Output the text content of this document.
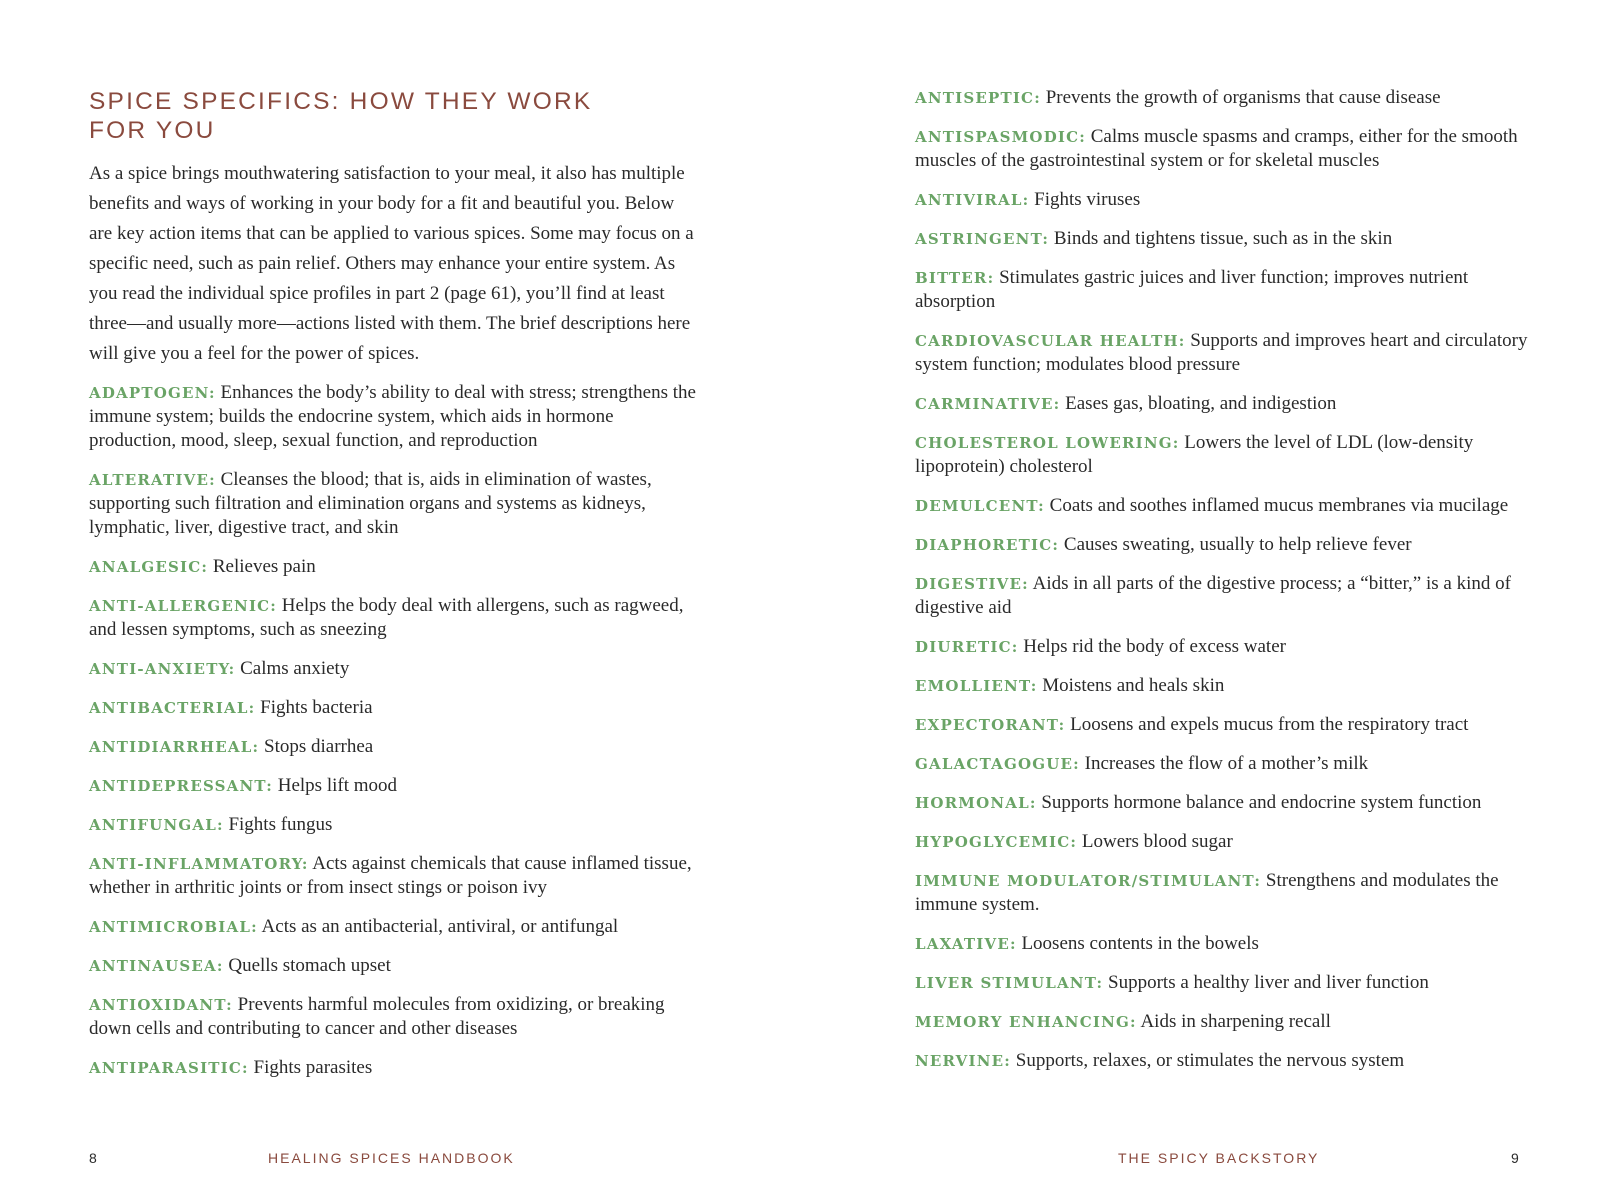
SPICE SPECIFICS: HOW THEY WORK
FOR YOU

As a spice brings mouthwatering satisfaction to your meal, it also has multiple benefits and ways of working in your body for a fit and beautiful you. Below are key action items that can be applied to various spices. Some may focus on a specific need, such as pain relief. Others may enhance your entire system. As you read the individual spice profiles in part 2 (page 61), you’ll find at least three—and usually more—actions listed with them. The brief descriptions here will give you a feel for the power of spices.

ADAPTOGEN: Enhances the body’s ability to deal with stress; strengthens the immune system; builds the endocrine system, which aids in hormone production, mood, sleep, sexual function, and reproduction
ALTERATIVE: Cleanses the blood; that is, aids in elimination of wastes, supporting such filtration and elimination organs and systems as kidneys, lymphatic, liver, digestive tract, and skin
ANALGESIC: Relieves pain
ANTI-ALLERGENIC: Helps the body deal with allergens, such as ragweed, and lessen symptoms, such as sneezing
ANTI-ANXIETY: Calms anxiety
ANTIBACTERIAL: Fights bacteria
ANTIDIARRHEAL: Stops diarrhea
ANTIDEPRESSANT: Helps lift mood
ANTIFUNGAL: Fights fungus
ANTI-INFLAMMATORY: Acts against chemicals that cause inflamed tissue, whether in arthritic joints or from insect stings or poison ivy
ANTIMICROBIAL: Acts as an antibacterial, antiviral, or antifungal
ANTINAUSEA: Quells stomach upset
ANTIOXIDANT: Prevents harmful molecules from oxidizing, or breaking down cells and contributing to cancer and other diseases
ANTIPARASITIC: Fights parasites
8	HEALING SPICES HANDBOOK
ANTISEPTIC: Prevents the growth of organisms that cause disease
ANTISPASMODIC: Calms muscle spasms and cramps, either for the smooth muscles of the gastrointestinal system or for skeletal muscles
ANTIVIRAL: Fights viruses
ASTRINGENT: Binds and tightens tissue, such as in the skin
BITTER: Stimulates gastric juices and liver function; improves nutrient absorption
CARDIOVASCULAR HEALTH: Supports and improves heart and circulatory system function; modulates blood pressure
CARMINATIVE: Eases gas, bloating, and indigestion
CHOLESTEROL LOWERING: Lowers the level of LDL (low-density lipoprotein) cholesterol
DEMULCENT: Coats and soothes inflamed mucus membranes via mucilage
DIAPHORETIC: Causes sweating, usually to help relieve fever
DIGESTIVE: Aids in all parts of the digestive process; a “bitter,” is a kind of digestive aid
DIURETIC: Helps rid the body of excess water
EMOLLIENT: Moistens and heals skin
EXPECTORANT: Loosens and expels mucus from the respiratory tract
GALACTAGOGUE: Increases the flow of a mother’s milk
HORMONAL: Supports hormone balance and endocrine system function
HYPOGLYCEMIC: Lowers blood sugar
IMMUNE MODULATOR/STIMULANT: Strengthens and modulates the immune system.
LAXATIVE: Loosens contents in the bowels
LIVER STIMULANT: Supports a healthy liver and liver function
MEMORY ENHANCING: Aids in sharpening recall
NERVINE: Supports, relaxes, or stimulates the nervous system
THE SPICY BACKSTORY	9
